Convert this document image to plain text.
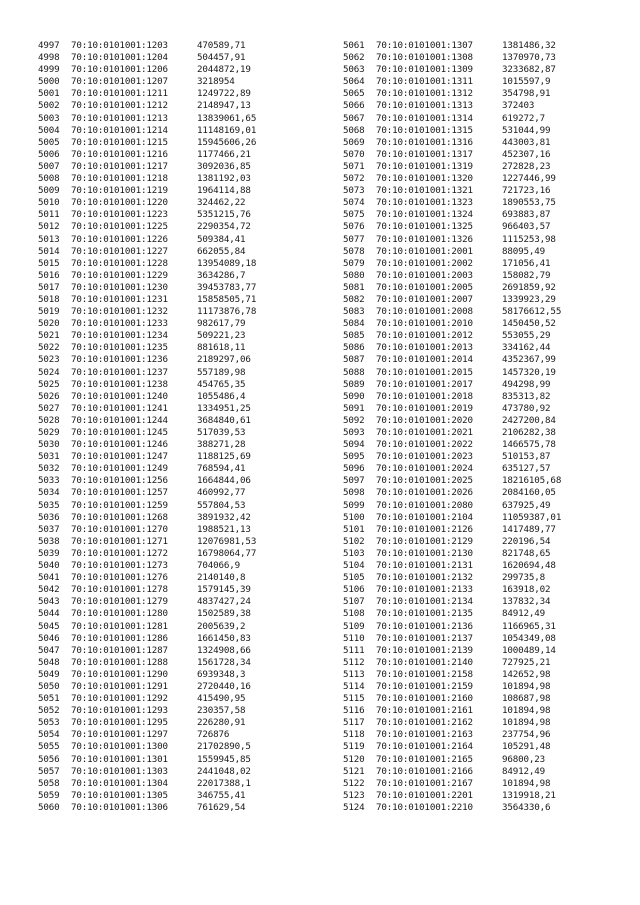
4997 70:10:0101001:1203	470589,71
4998 70:10:0101001:1204	504457,91
4999 70:10:0101001:1206	2044872,19
5000 70:10:0101001:1207	3218954
5001 70:10:0101001:1211	1249722,89
5002 70:10:0101001:1212	2148947,13
5003 70:10:0101001:1213	13839061,65
5004 70:10:0101001:1214	11148169,01
5005 70:10:0101001:1215	15945606,26
5006 70:10:0101001:1216	1177466,21
5007 70:10:0101001:1217	3092036,85
5008 70:10:0101001:1218	1381192,03
5009 70:10:0101001:1219	1964114,88
5010 70:10:0101001:1220	324462,22
5011 70:10:0101001:1223	5351215,76
5012 70:10:0101001:1225	2290354,72
5013 70:10:0101001:1226	509384,41
5014 70:10:0101001:1227	662055,84
5015 70:10:0101001:1228	13954089,18
5016 70:10:0101001:1229	3634286,7
5017 70:10:0101001:1230	39453783,77
5018 70:10:0101001:1231	15858505,71
5019 70:10:0101001:1232	11173876,78
5020 70:10:0101001:1233	982617,79
5021 70:10:0101001:1234	509221,23
5022 70:10:0101001:1235	881618,11
5023 70:10:0101001:1236	2189297,06
5024 70:10:0101001:1237	557189,98
5025 70:10:0101001:1238	454765,35
5026 70:10:0101001:1240	1055486,4
5027 70:10:0101001:1241	1334951,25
5028 70:10:0101001:1244	3684840,61
5029 70:10:0101001:1245	517039,53
5030 70:10:0101001:1246	388271,28
5031 70:10:0101001:1247	1188125,69
5032 70:10:0101001:1249	768594,41
5033 70:10:0101001:1256	1664844,06
5034 70:10:0101001:1257	460992,77
5035 70:10:0101001:1259	557804,53
5036 70:10:0101001:1268	3891932,42
5037 70:10:0101001:1270	1988521,13
5038 70:10:0101001:1271	12076981,53
5039 70:10:0101001:1272	16798064,77
5040 70:10:0101001:1273	704066,9
5041 70:10:0101001:1276	2140140,8
5042 70:10:0101001:1278	1579145,39
5043 70:10:0101001:1279	4837427,24
5044 70:10:0101001:1280	1502589,38
5045 70:10:0101001:1281	2005639,2
5046 70:10:0101001:1286	1661450,83
5047 70:10:0101001:1287	1324908,66
5048 70:10:0101001:1288	1561728,34
5049 70:10:0101001:1290	6939348,3
5050 70:10:0101001:1291	2720440,16
5051 70:10:0101001:1292	415490,95
5052 70:10:0101001:1293	230357,58
5053 70:10:0101001:1295	226280,91
5054 70:10:0101001:1297	726876
5055 70:10:0101001:1300	21702890,5
5056 70:10:0101001:1301	1559945,85
5057 70:10:0101001:1303	2441048,02
5058 70:10:0101001:1304	22017388,1
5059 70:10:0101001:1305	346755,41
5060 70:10:0101001:1306	761629,54
5061 70:10:0101001:1307	1381486,32
5062 70:10:0101001:1308	1370970,73
5063 70:10:0101001:1309	3233682,87
5064 70:10:0101001:1311	1015597,9
5065 70:10:0101001:1312	354798,91
5066 70:10:0101001:1313	372403
5067 70:10:0101001:1314	619272,7
5068 70:10:0101001:1315	531044,99
5069 70:10:0101001:1316	443003,81
5070 70:10:0101001:1317	452307,16
5071 70:10:0101001:1319	272828,23
5072 70:10:0101001:1320	1227446,99
5073 70:10:0101001:1321	721723,16
5074 70:10:0101001:1323	1890553,75
5075 70:10:0101001:1324	693883,87
5076 70:10:0101001:1325	966403,57
5077 70:10:0101001:1326	1115253,98
5078 70:10:0101001:2001	88095,49
5079 70:10:0101001:2002	171056,41
5080 70:10:0101001:2003	158082,79
5081 70:10:0101001:2005	2691859,92
5082 70:10:0101001:2007	1339923,29
5083 70:10:0101001:2008	58176612,55
5084 70:10:0101001:2010	1450450,52
5085 70:10:0101001:2012	553055,29
5086 70:10:0101001:2013	334162,44
5087 70:10:0101001:2014	4352367,99
5088 70:10:0101001:2015	1457320,19
5089 70:10:0101001:2017	494298,99
5090 70:10:0101001:2018	835313,82
5091 70:10:0101001:2019	473780,92
5092 70:10:0101001:2020	2427200,84
5093 70:10:0101001:2021	2106282,38
5094 70:10:0101001:2022	1466575,78
5095 70:10:0101001:2023	510153,87
5096 70:10:0101001:2024	635127,57
5097 70:10:0101001:2025	18216105,68
5098 70:10:0101001:2026	2084160,05
5099 70:10:0101001:2080	637925,49
5100 70:10:0101001:2104	11059387,01
5101 70:10:0101001:2126	1417489,77
5102 70:10:0101001:2129	220196,54
5103 70:10:0101001:2130	821748,65
5104 70:10:0101001:2131	1620694,48
5105 70:10:0101001:2132	299735,8
5106 70:10:0101001:2133	163918,02
5107 70:10:0101001:2134	137832,34
5108 70:10:0101001:2135	84912,49
5109 70:10:0101001:2136	1166965,31
5110 70:10:0101001:2137	1054349,08
5111 70:10:0101001:2139	1000489,14
5112 70:10:0101001:2140	727925,21
5113 70:10:0101001:2158	142652,98
5114 70:10:0101001:2159	101894,98
5115 70:10:0101001:2160	108687,98
5116 70:10:0101001:2161	101894,98
5117 70:10:0101001:2162	101894,98
5118 70:10:0101001:2163	237754,96
5119 70:10:0101001:2164	105291,48
5120 70:10:0101001:2165	96800,23
5121 70:10:0101001:2166	84912,49
5122 70:10:0101001:2167	101894,98
5123 70:10:0101001:2201	1319918,21
5124 70:10:0101001:2210	3564330,6
